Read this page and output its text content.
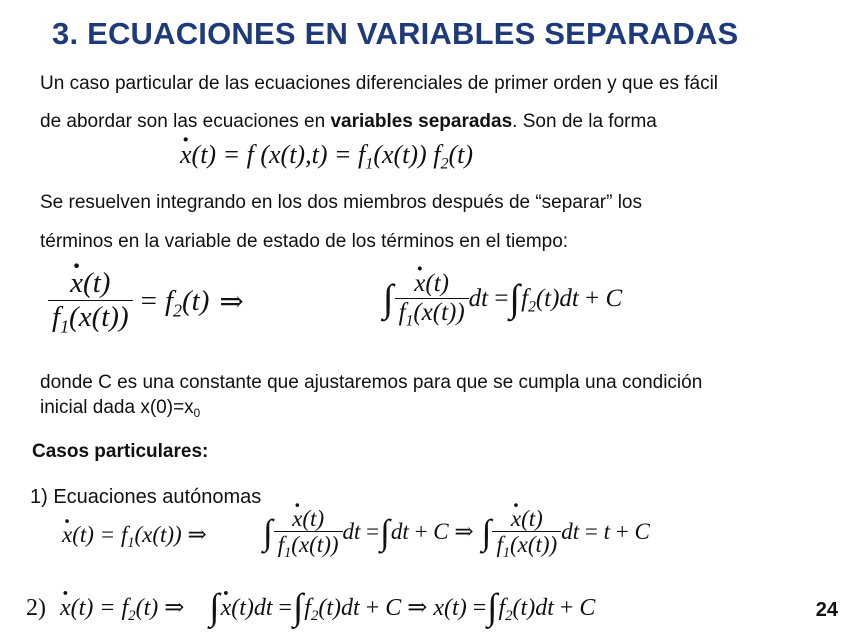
3. ECUACIONES EN VARIABLES SEPARADAS
Un caso particular de las ecuaciones diferenciales de primer orden y que es fácil
de abordar son las ecuaciones en variables separadas. Son de la forma
· x(t) = f $(x(t),t) = f_1(x(t))$ $f_2(t)$
Se resuelven integrando en los dos miembros después de “separar” los
términos en la variable de estado de los términos en el tiempo:
· $\frac{x(t)}{f_1(x(t))} = f_2(t)$ ⇒	∫ · $\frac{x(t)}{f_1(x(t))}$ dt = ∫ $f_2(t)dt + C$
donde C es una constante que ajustaremos para que se cumpla una condición
inicial dada $x(0)=x_0$
Casos particulares:
1) Ecuaciones autónomas
· $x(t) = f_1(x(t))$ ⇒ ∫ · $\frac{x(t)}{f_1(x(t))}$ dt = ∫ dt + C ⇒ ∫ · $\frac{x(t)}{f_1(x(t))}$ dt = t + C
$2) \cdot x(t) = f_2(t)$ ⇒ ∫· $x(t)dt =\int f_2(t)dt + C$ ⇒ $x(t) =\int f_2(t)dt + C$	24
